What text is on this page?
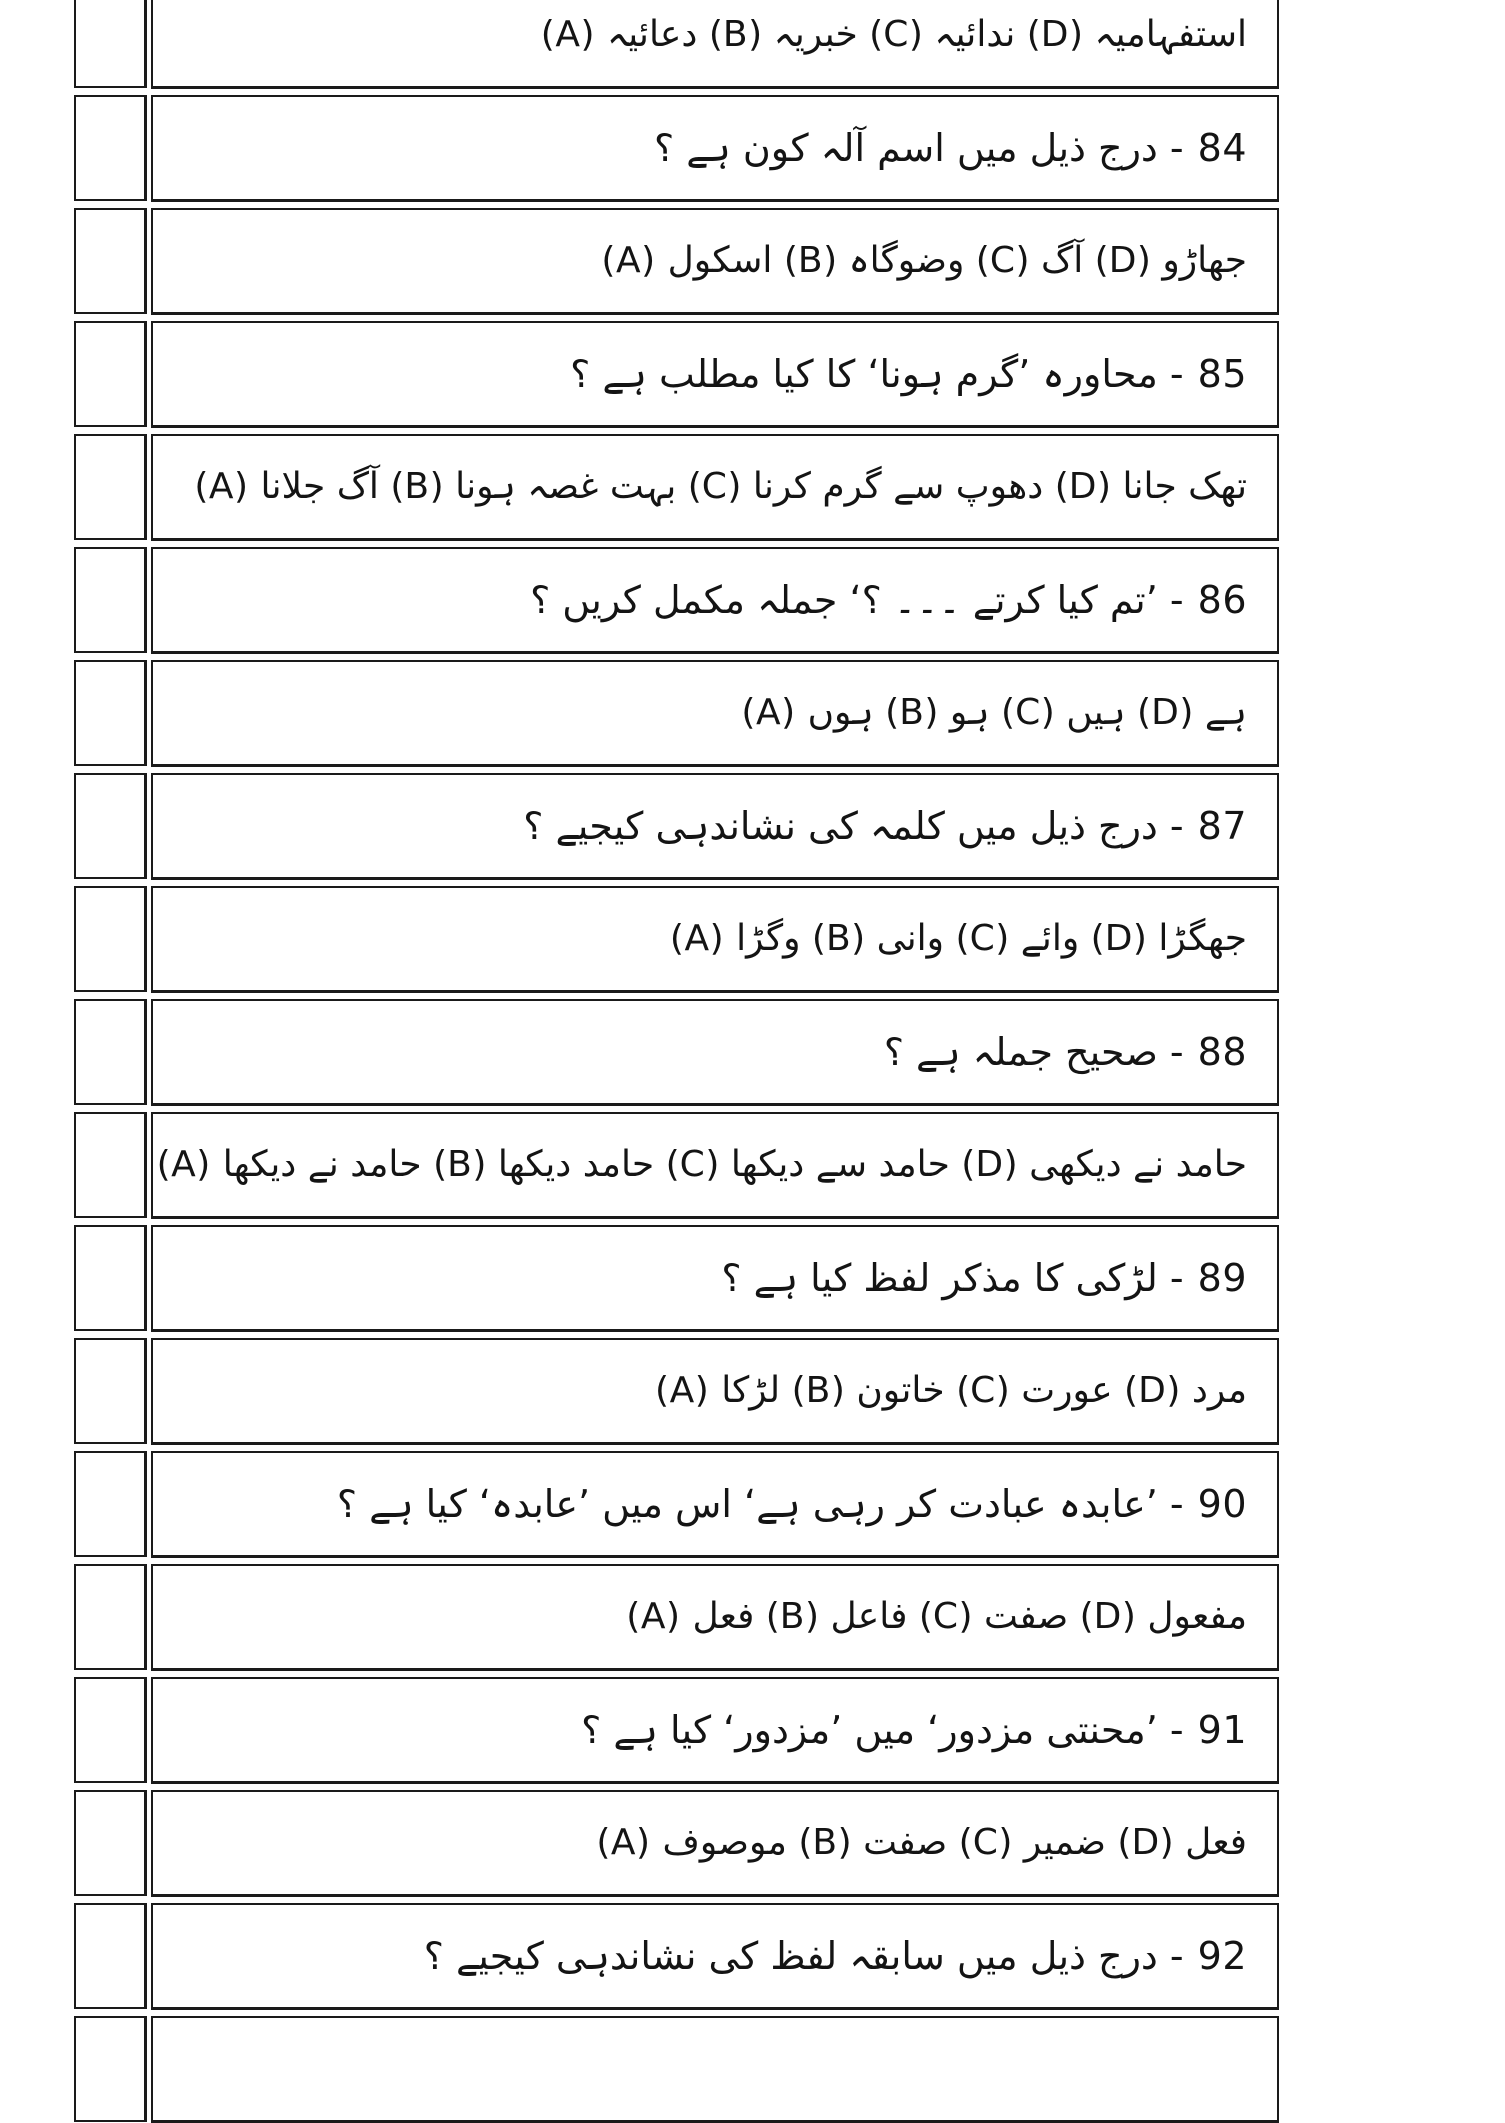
(A) دعائیہ (B) خبریہ (C) ندائیہ (D) استفہامیہ
84
- درج ذیل میں اسم آلہ کون ہے ؟
(A) اسکول (B) وضوگاہ (C) آگ (D) جھاڑو
85
- محاورہ ’گرم ہونا‘ کا کیا مطلب ہے ؟
(A) آگ جلانا (B) بہت غصہ ہونا (C) دھوپ سے گرم کرنا (D) تھک جانا
86
- ’تم کیا کرتے ۔۔۔ ؟‘ جملہ مکمل کریں ؟
(A) ہوں (B) ہو (C) ہیں (D) ہے
87
- درج ذیل میں کلمہ کی نشاندہی کیجیے ؟
(A) وگڑا (B) وانی (C) وائے (D) جھگڑا
88
- صحیح جملہ ہے ؟
(A) حامد نے دیکھا (B) حامد دیکھا (C) حامد سے دیکھا (D) حامد نے دیکھی
89
- لڑکی کا مذکر لفظ کیا ہے ؟
(A) لڑکا (B) خاتون (C) عورت (D) مرد
90
- ’عابدہ عبادت کر رہی ہے‘ اس میں ’عابدہ‘ کیا ہے ؟
(A) فعل (B) فاعل (C) صفت (D) مفعول
91
- ’محنتی مزدور‘ میں ’مزدور‘ کیا ہے ؟
(A) موصوف (B) صفت (C) ضمیر (D) فعل
92
- درج ذیل میں سابقہ لفظ کی نشاندہی کیجیے ؟
